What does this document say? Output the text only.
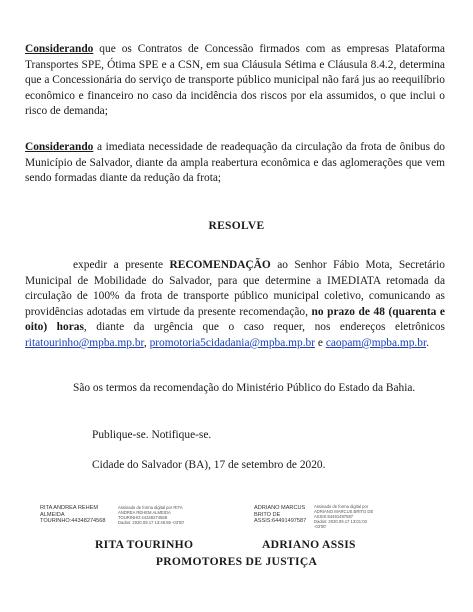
Considerando que os Contratos de Concessão firmados com as empresas Plataforma Transportes SPE, Ótima SPE e a CSN, em sua Cláusula Sétima e Cláusula 8.4.2, determina que a Concessionária do serviço de transporte público municipal não fará jus ao reequilíbrio econômico e financeiro no caso da incidência dos riscos por ela assumidos, o que inclui o risco de demanda;

Considerando a imediata necessidade de readequação da circulação da frota de ônibus do Município de Salvador, diante da ampla reabertura econômica e das aglomerações que vem sendo formadas diante da redução da frota;

RESOLVE

expedir a presente RECOMENDAÇÃO ao Senhor Fábio Mota, Secretário Municipal de Mobilidade do Salvador, para que determine a IMEDIATA retomada da circulação de 100% da frota de transporte público municipal coletivo, comunicando as providências adotadas em virtude da presente recomendação, no prazo de 48 (quarenta e oito) horas, diante da urgência que o caso requer, nos endereços eletrônicos ritatourinho@mpba.mp.br, promotoria5cidadania@mpba.mp.br e caopam@mpba.mp.br.

São os termos da recomendação do Ministério Público do Estado da Bahia.

Publique-se. Notifique-se.
Cidade do Salvador (BA), 17 de setembro de 2020.
RITA ANDREA REHEM
ALMEIDA
TOURINHO:44348274568
Assinado de forma digital por RITA
ANDREA REHEM ALMEIDA
TOURINHO:44348274568
Dados: 2020.09.17 13:46:59 -03'00'
ADRIANO MARCUS
BRITO DE
ASSIS:64491497587
Assinado de forma digital por
ADRIANO MARCUS BRITO DE
ASSIS:64491497587
Dados: 2020.09.17 13:01:03
-03'00'
RITA TOURINHO	ADRIANO ASSIS
PROMOTORES DE JUSTIÇA
